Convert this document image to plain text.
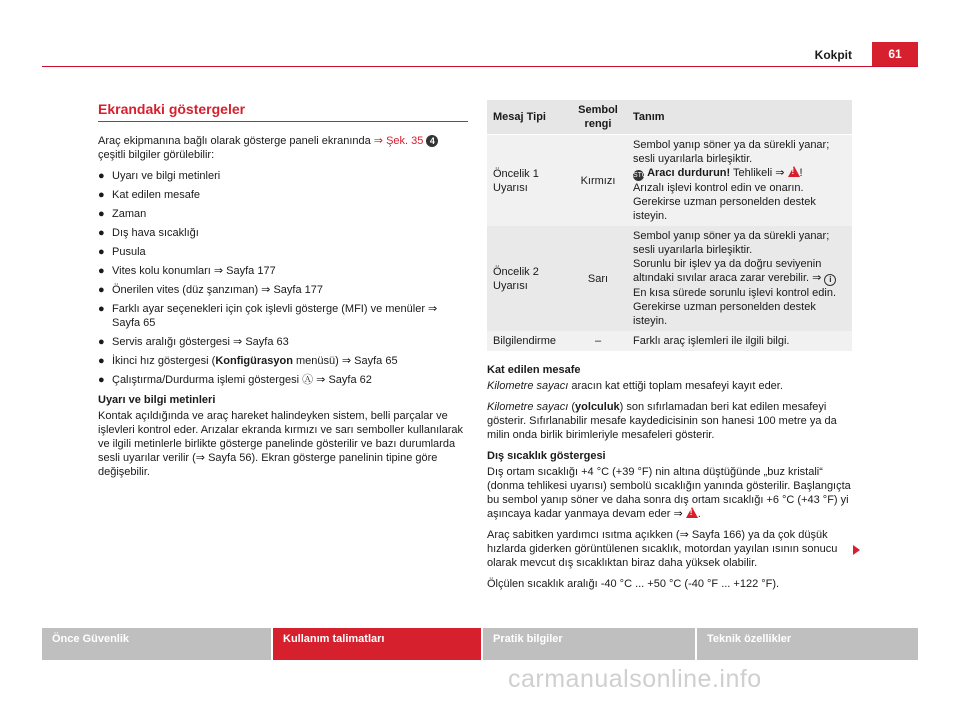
Kokpit	61
Ekrandaki göstergeler

Araç ekipmanına bağlı olarak gösterge paneli ekranında ⇒ Şek. 35 4 çeşitli bilgiler görülebilir:

● Uyarı ve bilgi metinleri
● Kat edilen mesafe
● Zaman
● Dış hava sıcaklığı
● Pusula
● Vites kolu konumları ⇒ Sayfa 177
● Önerilen vites (düz şanzıman) ⇒ Sayfa 177
● Farklı ayar seçenekleri için çok işlevli gösterge (MFI) ve menüler ⇒ Sayfa 65
● Servis aralığı göstergesi ⇒ Sayfa 63
● İkinci hız göstergesi (Konfigürasyon menüsü) ⇒ Sayfa 65
● Çalıştırma/Durdurma işlemi göstergesi Ⓐ ⇒ Sayfa 62

Uyarı ve bilgi metinleri

Kontak açıldığında ve araç hareket halindeyken sistem, belli parçalar ve işlevleri kontrol eder. Arızalar ekranda kırmızı ve sarı semboller kullanılarak ve ilgili metinlerle birlikte gösterge panelinde gösterilir ve bazı durumlarda sesli uyarılar verilir (⇒ Sayfa 56). Ekran gösterge panelinin tipine göre değişebilir.

Mesaj Tipi	Sembol rengi	Tanım
Öncelik 1 Uyarısı	Kırmızı	Sembol yanıp söner ya da sürekli yanar; sesli uyarılarla birleşiktir.
STOP Aracı durdurun! Tehlikeli ⇒ !!
Arızalı işlevi kontrol edin ve onarın. Gerekirse uzman personelden destek isteyin.

Öncelik 2 Uyarısı	Sarı	Sembol yanıp söner ya da sürekli yanar; sesli uyarılarla birleşiktir.
Sorunlu bir işlev ya da doğru seviyenin altındaki sıvılar araca zarar verebilir. ⇒ i
En kısa sürede sorunlu işlevi kontrol edin. Gerekirse uzman personelden destek isteyin.

Bilgilendirme	–	Farklı araç işlemleri ile ilgili bilgi.

Kat edilen mesafe

Kilometre sayacı aracın kat ettiği toplam mesafeyi kayıt eder.

Kilometre sayacı (yolculuk) son sıfırlamadan beri kat edilen mesafeyi gösterir. Sıfırlanabilir mesafe kaydedicisinin son hanesi 100 metre ya da milin onda birlik birimleriyle mesafeleri gösterir.

Dış sıcaklık göstergesi

Dış ortam sıcaklığı +4 °C (+39 °F) nin altına düştüğünde „buz kristali“ (donma tehlikesi uyarısı) sembolü sıcaklığın yanında gösterilir. Başlangıçta bu sembol yanıp söner ve daha sonra dış ortam sıcaklığı +6 °C (+43 °F) yi aşıncaya kadar yanmaya devam eder ⇒ !.

Araç sabitken yardımcı ısıtma açıkken (⇒ Sayfa 166) ya da çok düşük hızlarda giderken görüntülenen sıcaklık, motordan yayılan ısının sonucu olarak mevcut dış sıcaklıktan biraz daha yüksek olabilir.

Ölçülen sıcaklık aralığı -40 °C ... +50 °C (-40 °F ... +122 °F).

Önce Güvenlik	Kullanım talimatları	Pratik bilgiler	Teknik özellikler
carmanualsonline.info
